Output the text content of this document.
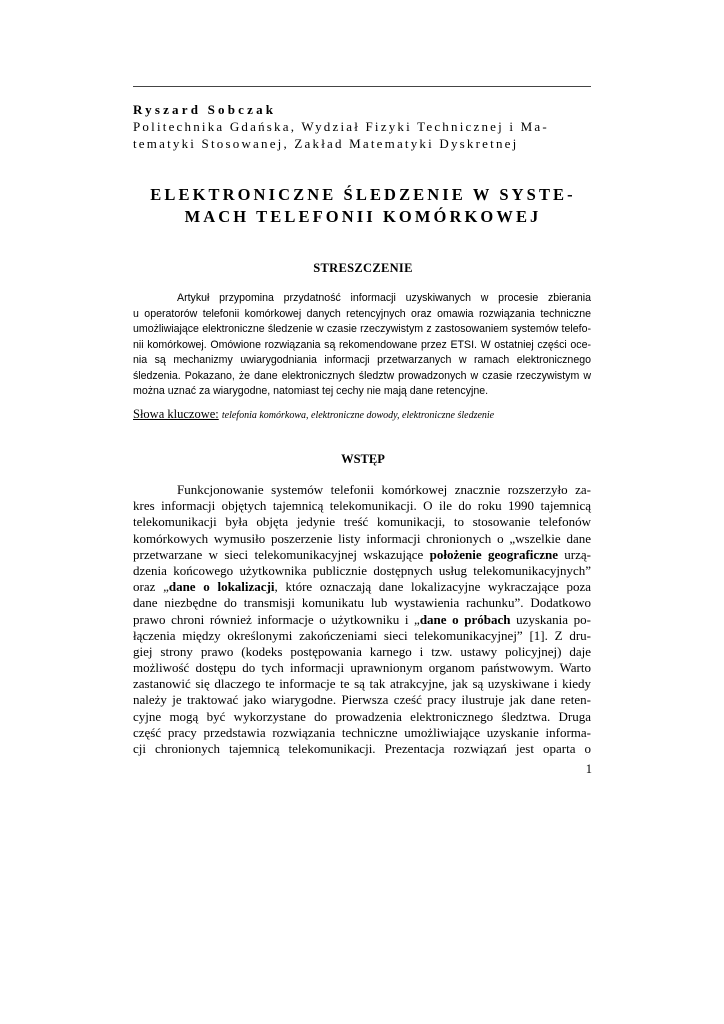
Ryszard Sobczak
Politechnika Gdańska, Wydział Fizyki Technicznej i Ma-
tematyki Stosowanej, Zakład Matematyki Dyskretnej
ELEKTRONICZNE ŚLEDZENIE W SYSTE-
MACH TELEFONII KOMÓRKOWEJ
STRESZCZENIE
Artykuł przypomina przydatność informacji uzyskiwanych w procesie zbierania
u operatorów telefonii komórkowej danych retencyjnych oraz omawia rozwiązania techniczne
umożliwiające elektroniczne śledzenie w czasie rzeczywistym z zastosowaniem systemów telefo-
nii komórkowej. Omówione rozwiązania są rekomendowane przez ETSI. W ostatniej części oce-
nia są mechanizmy uwiarygodniania informacji przetwarzanych w ramach elektronicznego
śledzenia. Pokazano, że dane elektronicznych śledztw prowadzonych w czasie rzeczywistym w
można uznać za wiarygodne, natomiast tej cechy nie mają dane retencyjne.
Słowa kluczowe: telefonia komórkowa, elektroniczne dowody, elektroniczne śledzenie
WSTĘP
Funkcjonowanie systemów telefonii komórkowej znacznie rozszerzyło za-
kres informacji objętych tajemnicą telekomunikacji. O ile do roku 1990 tajemnicą
telekomunikacji była objęta jedynie treść komunikacji, to stosowanie telefonów
komórkowych wymusiło poszerzenie listy informacji chronionych o „wszelkie dane
przetwarzane w sieci telekomunikacyjnej wskazujące położenie geograficzne urzą-
dzenia końcowego użytkownika publicznie dostępnych usług telekomunikacyjnych”
oraz „dane o lokalizacji, które oznaczają dane lokalizacyjne wykraczające poza
dane niezbędne do transmisji komunikatu lub wystawienia rachunku”. Dodatkowo
prawo chroni również informacje o użytkowniku i „dane o próbach uzyskania po-
łączenia między określonymi zakończeniami sieci telekomunikacyjnej” [1]. Z dru-
giej strony prawo (kodeks postępowania karnego i tzw. ustawy policyjnej) daje
możliwość dostępu do tych informacji uprawnionym organom państwowym. Warto
zastanowić się dlaczego te informacje te są tak atrakcyjne, jak są uzyskiwane i kiedy
należy je traktować jako wiarygodne. Pierwsza cześć pracy ilustruje jak dane reten-
cyjne mogą być wykorzystane do prowadzenia elektronicznego śledztwa. Druga
część pracy przedstawia rozwiązania techniczne umożliwiające uzyskanie informa-
cji chronionych tajemnicą telekomunikacji. Prezentacja rozwiązań jest oparta o
1
